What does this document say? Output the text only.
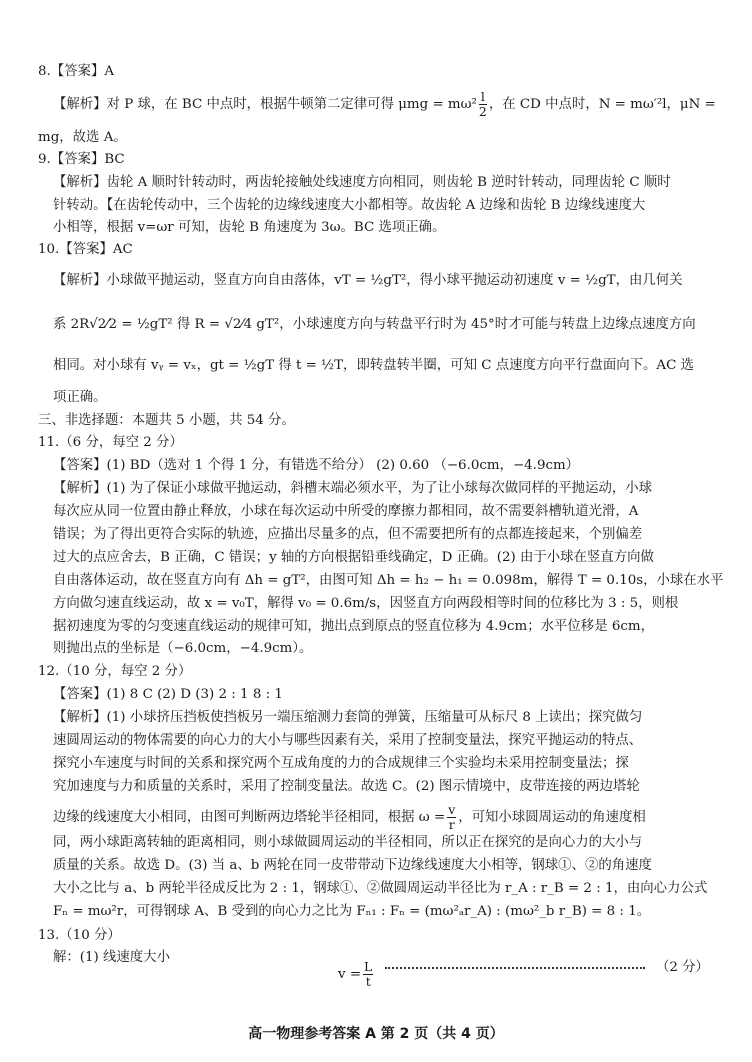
8.【答案】A
【解析】对 P 球，在 BC 中点时，根据牛顿第二定律可得 $\mu mg = m\omega^2 \frac{l}{2}$ ，在 CD 中点时，N = mω′²l，μN =
mg，故选 A。
9.【答案】BC
【解析】齿轮 A 顺时针转动时，两齿轮接触处线速度方向相同，则齿轮 B 逆时针转动，同理齿轮 C 顺时
针转动。【在齿轮传动中，三个齿轮的边缘线速度大小都相等。故齿轮 A 边缘和齿轮 B 边缘线速度大
小相等，根据 v=ωr 可知，齿轮 B 角速度为 3ω。BC 选项正确。
10.【答案】AC
【解析】小球做平抛运动，竖直方向自由落体，vT = ½gT²，得小球平抛运动初速度 v = ½gT，由几何关
系 2R√2⁄2 = ½gT² 得 R = √2⁄4 gT²，小球速度方向与转盘平行时为 45°时才可能与转盘上边缘点速度方向
相同。对小球有 vᵧ = vₓ，gt = ½gT 得 t = ½T，即转盘转半圈，可知 C 点速度方向平行盘面向下。AC 选
项正确。
三、非选择题：本题共 5 小题，共 54 分。
11.（6 分，每空 2 分）
【答案】(1) BD（选对 1 个得 1 分，有错选不给分） (2) 0.60 （−6.0cm，−4.9cm）
【解析】(1) 为了保证小球做平抛运动，斜槽末端必须水平，为了让小球每次做同样的平抛运动，小球
每次应从同一位置由静止释放，小球在每次运动中所受的摩擦力都相同，故不需要斜槽轨道光滑，A
错误；为了得出更符合实际的轨迹，应描出尽量多的点，但不需要把所有的点都连接起来，个别偏差
过大的点应舍去，B 正确，C 错误；y 轴的方向根据铅垂线确定，D 正确。(2) 由于小球在竖直方向做
自由落体运动，故在竖直方向有 Δh = gT²，由图可知 Δh = h₂ − h₁ = 0.098m，解得 T = 0.10s，小球在水平
方向做匀速直线运动，故 x = v₀T，解得 v₀ = 0.6m/s，因竖直方向两段相等时间的位移比为 3 : 5，则根
据初速度为零的匀变速直线运动的规律可知，抛出点到原点的竖直位移为 4.9cm；水平位移是 6cm，
则抛出点的坐标是（−6.0cm，−4.9cm）。
12.（10 分，每空 2 分）
【答案】(1) 8 C (2) D (3) 2 : 1 8 : 1
【解析】(1) 小球挤压挡板使挡板另一端压缩测力套筒的弹簧，压缩量可从标尺 8 上读出；探究做匀
速圆周运动的物体需要的向心力的大小与哪些因素有关，采用了控制变量法，探究平抛运动的特点、
探究小车速度与时间的关系和探究两个互成角度的力的合成规律三个实验均未采用控制变量法；探
究加速度与力和质量的关系时，采用了控制变量法。故选 C。(2) 图示情境中，皮带连接的两边塔轮
边缘的线速度大小相同，由图可判断两边塔轮半径相同，根据 $\omega = \frac{v}{r}$ ，可知小球圆周运动的角速度相
同，两小球距离转轴的距离相同，则小球做圆周运动的半径相同，所以正在探究的是向心力的大小与
质量的关系。故选 D。(3) 当 a、b 两轮在同一皮带带动下边缘线速度大小相等，钢球①、②的角速度
大小之比与 a、b 两轮半径成反比为 2 : 1，钢球①、②做圆周运动半径比为 r_A : r_B = 2 : 1，由向心力公式
Fₙ = mω²r，可得钢球 A、B 受到的向心力之比为 Fₙ₁ : Fₙ = (mω²ₐr_A) : (mω²_b r_B) = 8 : 1。
13.（10 分）
解：(1) 线速度大小
$v = \frac{L}{t}$	（2 分）
高一物理参考答案 A 第 2 页（共 4 页）
